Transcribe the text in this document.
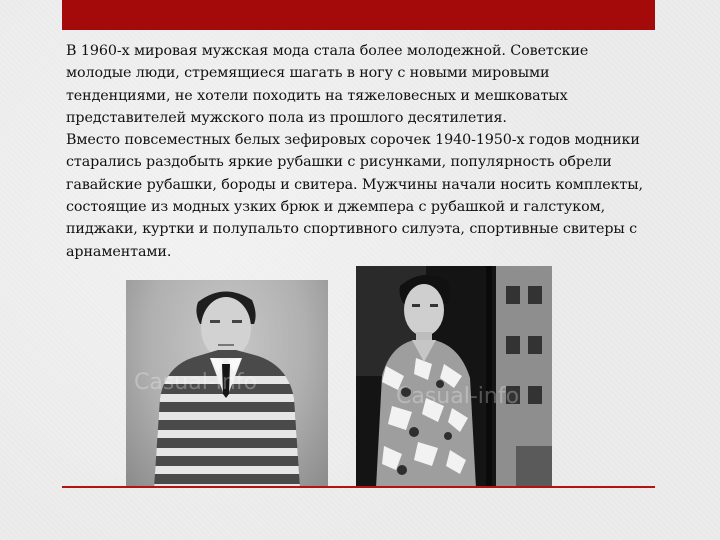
В 1960-х мировая мужская мода стала более молодежной. Советские молодые люди, стремящиеся шагать в ногу с новыми мировыми тенденциями, не хотели походить на тяжеловесных и мешковатых представителей мужского пола из прошлого десятилетия.

Вместо повсеместных белых зефировых сорочек 1940-1950-х годов модники старались раздобыть яркие рубашки с рисунками, популярность обрели гавайские рубашки, бороды и свитера. Мужчины начали носить комплекты, состоящие из модных узких брюк и джемпера с рубашкой и галстуком, пиджаки, куртки и полупальто спортивного силуэта, спортивные свитеры с арнаментами.

Casual-info
Casual-info
